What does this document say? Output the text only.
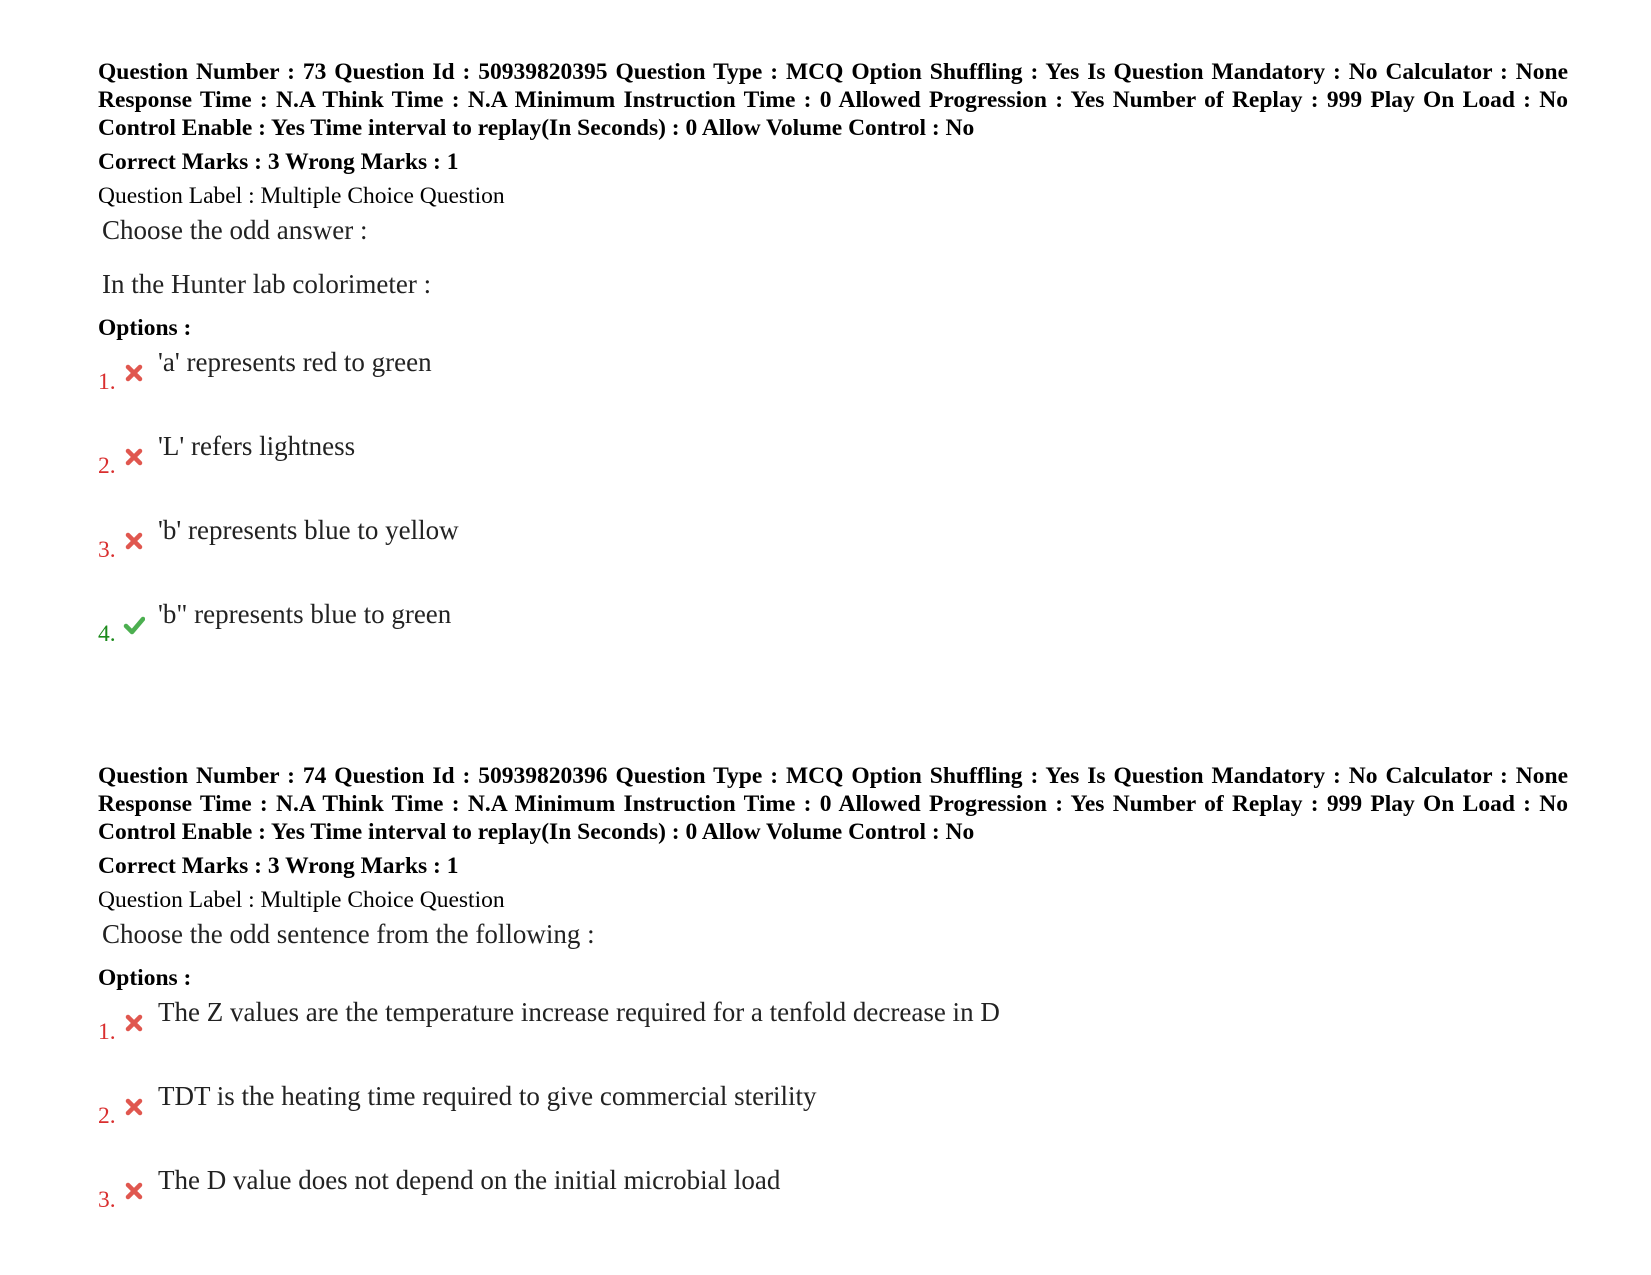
Question Number : 73 Question Id : 50939820395 Question Type : MCQ Option Shuffling : Yes Is Question Mandatory : No Calculator : None Response Time : N.A Think Time : N.A Minimum Instruction Time : 0 Allowed Progression : Yes Number of Replay : 999 Play On Load : No Control Enable : Yes Time interval to replay(In Seconds) : 0 Allow Volume Control : No

Correct Marks : 3 Wrong Marks : 1

Question Label : Multiple Choice Question

Choose the odd answer :

In the Hunter lab colorimeter :

Options :

1.
'a' represents red to green
2.
'L' refers lightness
3.
'b' represents blue to yellow
4.
'b" represents blue to green

Question Number : 74 Question Id : 50939820396 Question Type : MCQ Option Shuffling : Yes Is Question Mandatory : No Calculator : None Response Time : N.A Think Time : N.A Minimum Instruction Time : 0 Allowed Progression : Yes Number of Replay : 999 Play On Load : No Control Enable : Yes Time interval to replay(In Seconds) : 0 Allow Volume Control : No

Correct Marks : 3 Wrong Marks : 1

Question Label : Multiple Choice Question

Choose the odd sentence from the following :

Options :

1.
The Z values are the temperature increase required for a tenfold decrease in D
2.
TDT is the heating time required to give commercial sterility
3.
The D value does not depend on the initial microbial load
